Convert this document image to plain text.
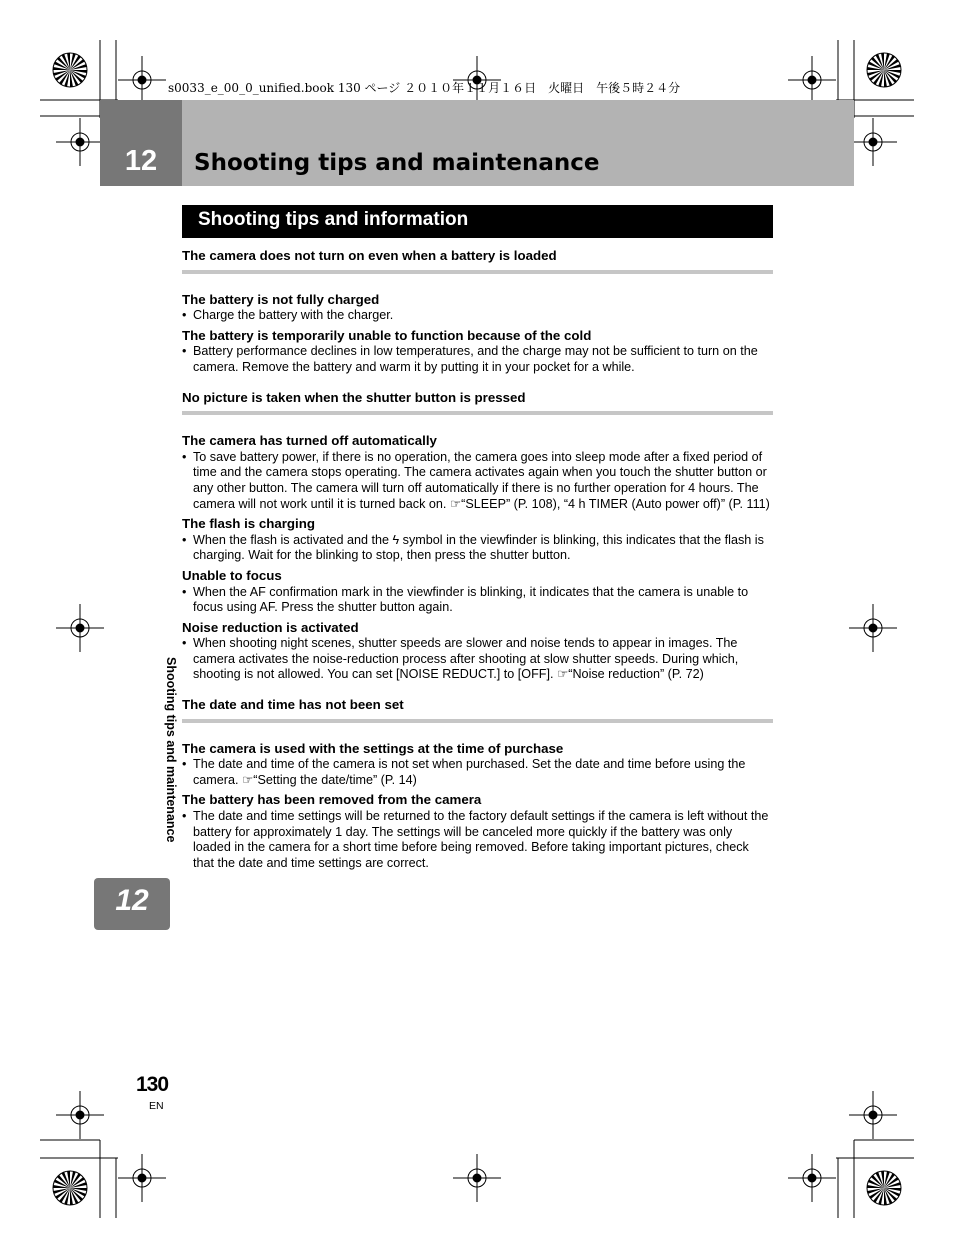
s0033_e_00_0_unified.book 130 ページ ２０１０年１１月１６日　火曜日　午後５時２４分
12	Shooting tips and maintenance
Shooting tips and information
The camera does not turn on even when a battery is loaded
The battery is not fully charged
• Charge the battery with the charger.
The battery is temporarily unable to function because of the cold
• Battery performance declines in low temperatures, and the charge may not be sufficient to turn on the camera. Remove the battery and warm it by putting it in your pocket for a while.
No picture is taken when the shutter button is pressed
The camera has turned off automatically
• To save battery power, if there is no operation, the camera goes into sleep mode after a fixed period of time and the camera stops operating. The camera activates again when you touch the shutter button or any other button. The camera will turn off automatically if there is no further operation for 4 hours. The camera will not work until it is turned back on. ☞“SLEEP” (P. 108), “4 h TIMER (Auto power off)” (P. 111)
The flash is charging
• When the flash is activated and the ϟ symbol in the viewfinder is blinking, this indicates that the flash is charging. Wait for the blinking to stop, then press the shutter button.
Unable to focus
• When the AF confirmation mark in the viewfinder is blinking, it indicates that the camera is unable to focus using AF. Press the shutter button again.
Noise reduction is activated
• When shooting night scenes, shutter speeds are slower and noise tends to appear in images. The camera activates the noise-reduction process after shooting at slow shutter speeds. During which, shooting is not allowed. You can set [NOISE REDUCT.] to [OFF]. ☞“Noise reduction” (P. 72)
The date and time has not been set
The camera is used with the settings at the time of purchase
• The date and time of the camera is not set when purchased. Set the date and time before using the camera. ☞“Setting the date/time” (P. 14)
The battery has been removed from the camera
• The date and time settings will be returned to the factory default settings if the camera is left without the battery for approximately 1 day. The settings will be canceled more quickly if the battery was only loaded in the camera for a short time before being removed. Before taking important pictures, check that the date and time settings are correct.
Shooting tips and maintenance
12
130
EN
